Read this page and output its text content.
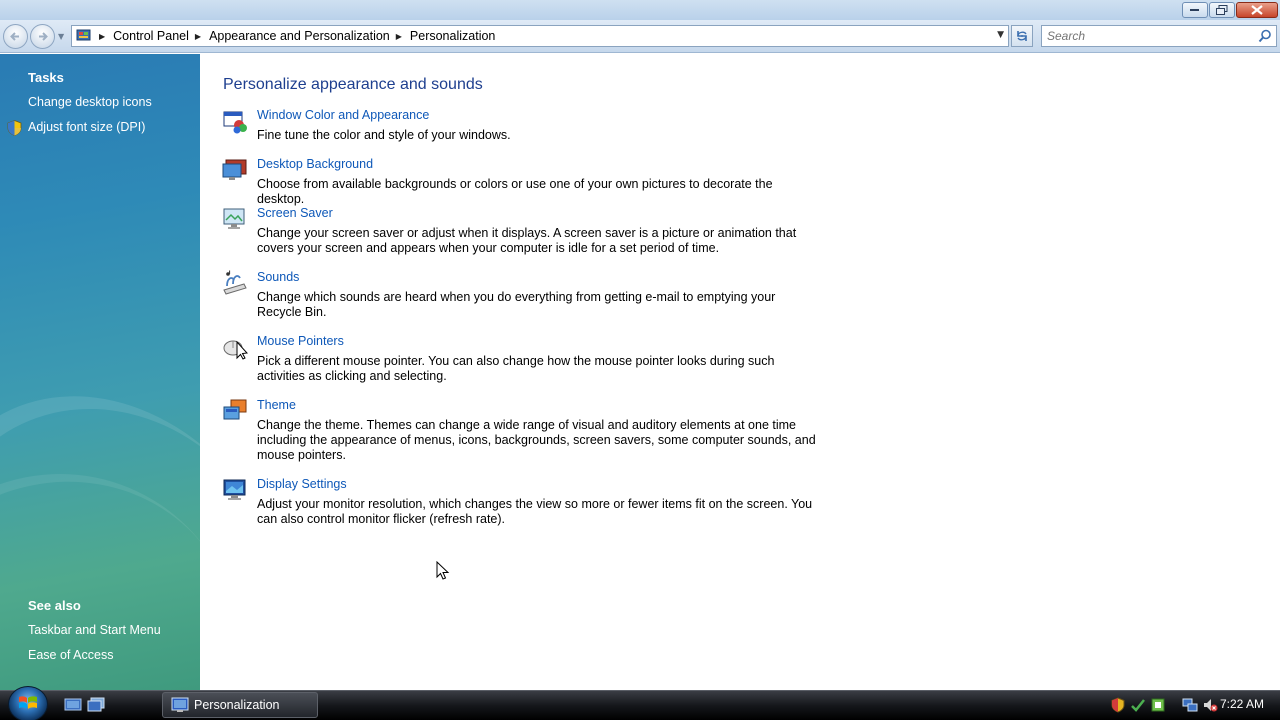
▼	▶ Control Panel ▶ Appearance and Personalization ▶ Personalization	▼
Search
Tasks
Change desktop icons
Adjust font size (DPI)
See also
Taskbar and Start Menu
Ease of Access
Personalize appearance and sounds
Window Color and Appearance
Fine tune the color and style of your windows.
Desktop Background
Choose from available backgrounds or colors or use one of your own pictures to decorate the desktop.
Screen Saver
Change your screen saver or adjust when it displays. A screen saver is a picture or animation that covers your screen and appears when your computer is idle for a set period of time.
Sounds
Change which sounds are heard when you do everything from getting e-mail to emptying your Recycle Bin.
Mouse Pointers
Pick a different mouse pointer. You can also change how the mouse pointer looks during such activities as clicking and selecting.
Theme
Change the theme. Themes can change a wide range of visual and auditory elements at one time including the appearance of menus, icons, backgrounds, screen savers, some computer sounds, and mouse pointers.
Display Settings
Adjust your monitor resolution, which changes the view so more or fewer items fit on the screen. You can also control monitor flicker (refresh rate).
Personalization	7:22 AM
